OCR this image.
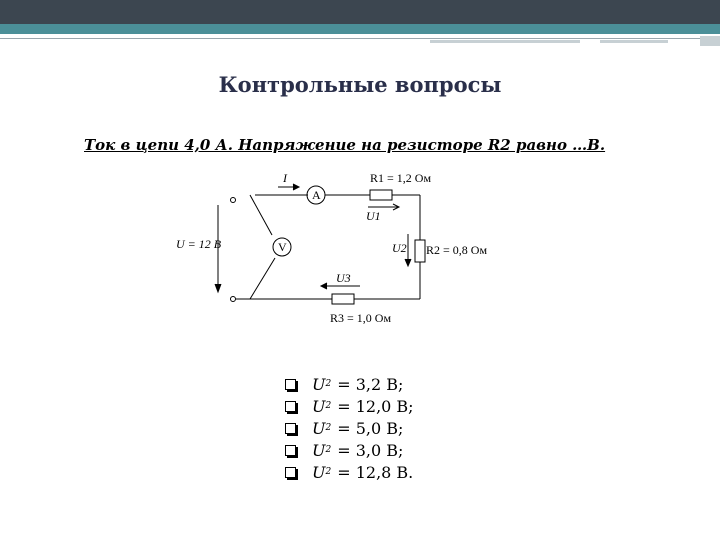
Контрольные вопросы
Ток в цепи 4,0 А. Напряжение на резисторе R2 равно …В.
I
A
V
U = 12 В
R1 = 1,2 Ом
U1
R2 = 0,8 Ом
U2
U3
R3 = 1,0 Ом
U 2 = 3,2 В;
U 2 = 12,0 В;
U 2 = 5,0 В;
U 2 = 3,0 В;
U 2 = 12,8 В.
